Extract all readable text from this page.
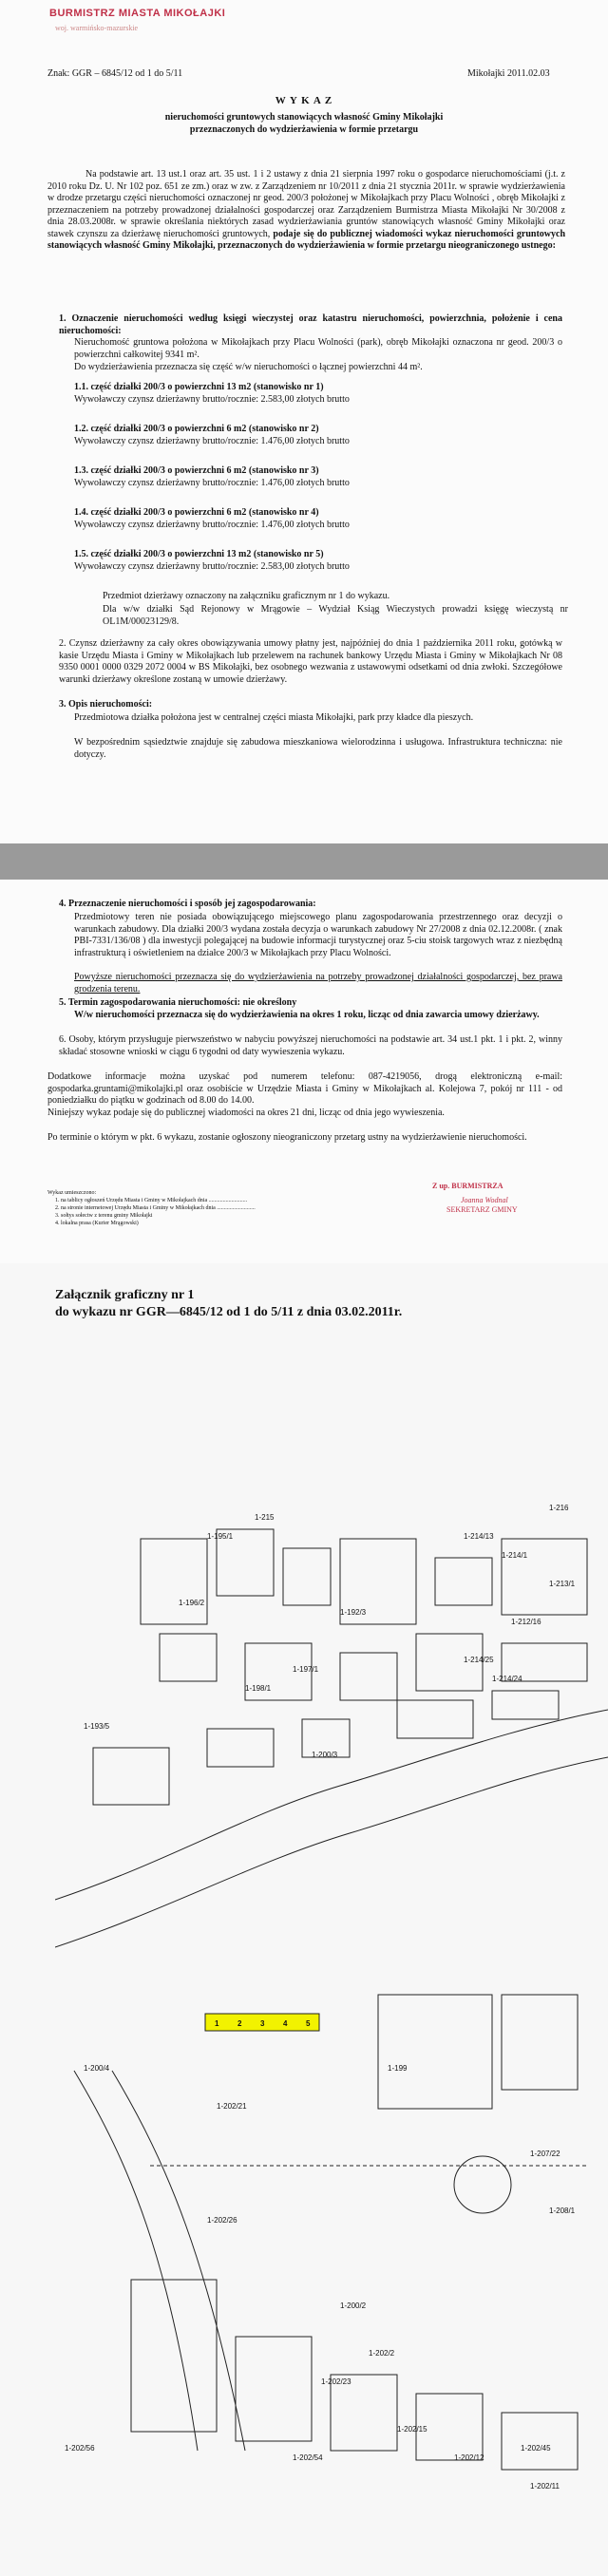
BURMISTRZ MIASTA MIKOŁAJKI
woj. warmińsko-mazurskie
Znak: GGR – 6845/12 od 1 do 5/11	Mikołajki 2011.02.03
W Y K A Z
nieruchomości gruntowych stanowiących własność Gminy Mikołajki przeznaczonych do wydzierżawienia w formie przetargu
Na podstawie art. 13 ust.1 oraz art. 35 ust. 1 i 2 ustawy z dnia 21 sierpnia 1997 roku o gospodarce nieruchomościami (j.t. z 2010 roku Dz. U. Nr 102 poz. 651 ze zm.) oraz w zw. z Zarządzeniem nr 10/2011 z dnia 21 stycznia 2011r. w sprawie wydzierżawienia w drodze przetargu części nieruchomości oznaczonej nr geod. 200/3 położonej w Mikołajkach przy Placu Wolności , obręb Mikołajki z przeznaczeniem na potrzeby prowadzonej działalności gospodarczej oraz Zarządzeniem Burmistrza Miasta Mikołajki Nr 30/2008 z dnia 28.03.2008r. w sprawie określania niektórych zasad wydzierżawiania gruntów stanowiących własność Gminy Mikołajki oraz stawek czynszu za dzierżawę nieruchomości gruntowych, podaje się do publicznej wiadomości wykaz nieruchomości gruntowych stanowiących własność Gminy Mikołajki, przeznaczonych do wydzierżawienia w formie przetargu nieograniczonego ustnego:
1. Oznaczenie nieruchomości według księgi wieczystej oraz katastru nieruchomości, powierzchnia, położenie i cena nieruchomości:
Nieruchomość gruntowa położona w Mikołajkach przy Placu Wolności (park), obręb Mikołajki oznaczona nr geod. 200/3 o powierzchni całkowitej 9341 m².
Do wydzierżawienia przeznacza się część w/w nieruchomości o łącznej powierzchni 44 m².
1.1. część działki 200/3 o powierzchni 13 m2 (stanowisko nr 1)
Wywoławczy czynsz dzierżawny brutto/rocznie: 2.583,00 złotych brutto
1.2. część działki 200/3 o powierzchni 6 m2 (stanowisko nr 2)
Wywoławczy czynsz dzierżawny brutto/rocznie: 1.476,00 złotych brutto
1.3. część działki 200/3 o powierzchni 6 m2 (stanowisko nr 3)
Wywoławczy czynsz dzierżawny brutto/rocznie: 1.476,00 złotych brutto
1.4. część działki 200/3 o powierzchni 6 m2 (stanowisko nr 4)
Wywoławczy czynsz dzierżawny brutto/rocznie: 1.476,00 złotych brutto
1.5. część działki 200/3 o powierzchni 13 m2 (stanowisko nr 5)
Wywoławczy czynsz dzierżawny brutto/rocznie: 2.583,00 złotych brutto
Przedmiot dzierżawy oznaczony na załączniku graficznym nr 1 do wykazu.
Dla w/w działki Sąd Rejonowy w Mrągowie – Wydział Ksiąg Wieczystych prowadzi księgę wieczystą nr OL1M/00023129/8.
2. Czynsz dzierżawny za cały okres obowiązywania umowy płatny jest, najpóźniej do dnia 1 października 2011 roku, gotówką w kasie Urzędu Miasta i Gminy w Mikołajkach lub przelewem na rachunek bankowy Urzędu Miasta i Gminy w Mikołajkach Nr 08 9350 0001 0000 0329 2072 0004 w BS Mikołajki, bez osobnego wezwania z ustawowymi odsetkami od dnia zwłoki. Szczegółowe warunki dzierżawy określone zostaną w umowie dzierżawy.
3. Opis nieruchomości:
Przedmiotowa działka położona jest w centralnej części miasta Mikołajki, park przy kładce dla pieszych.
W bezpośrednim sąsiedztwie znajduje się zabudowa mieszkaniowa wielorodzinna i usługowa. Infrastruktura techniczna: nie dotyczy.
4. Przeznaczenie nieruchomości i sposób jej zagospodarowania:
Przedmiotowy teren nie posiada obowiązującego miejscowego planu zagospodarowania przestrzennego oraz decyzji o warunkach zabudowy. Dla działki 200/3 wydana została decyzja o warunkach zabudowy Nr 27/2008 z dnia 02.12.2008r. ( znak PBI-7331/136/08 ) dla inwestycji polegającej na budowie informacji turystycznej oraz 5-ciu stoisk targowych wraz z niezbędną infrastrukturą i oświetleniem na działce 200/3 w Mikołajkach przy Placu Wolności.
Powyższe nieruchomości przeznacza się do wydzierżawienia na potrzeby prowadzonej działalności gospodarczej, bez prawa grodzenia terenu.
5. Termin zagospodarowania nieruchomości: nie określony
W/w nieruchomości przeznacza się do wydzierżawienia na okres 1 roku, licząc od dnia zawarcia umowy dzierżawy.
6. Osoby, którym przysługuje pierwszeństwo w nabyciu powyższej nieruchomości na podstawie art. 34 ust.1 pkt. 1 i pkt. 2, winny składać stosowne wnioski w ciągu 6 tygodni od daty wywieszenia wykazu.
Dodatkowe informacje można uzyskać pod numerem telefonu: 087-4219056, drogą elektroniczną e-mail: gospodarka.gruntami@mikolajki.pl oraz osobiście w Urzędzie Miasta i Gminy w Mikołajkach al. Kolejowa 7, pokój nr 111 - od poniedziałku do piątku w godzinach od 8.00 do 14.00.
Niniejszy wykaz podaje się do publicznej wiadomości na okres 21 dni, licząc od dnia jego wywieszenia.
Po terminie o którym w pkt. 6 wykazu, zostanie ogłoszony nieograniczony przetarg ustny na wydzierżawienie nieruchomości.
Wykaz umieszczono:
1. na tablicy ogłoszeń Urzędu Miasta i Gminy w Mikołajkach dnia ...........................
2. na stronie internetowej Urzędu Miasta i Gminy w Mikołajkach dnia ...........................
3. sołtys sołectw z terenu gminy Mikołajki
4. lokalna prasa (Kurier Mrągowski)
Z up. BURMISTRZA
Joanna Wodnal
SEKRETARZ GMINY
Załącznik graficzny nr 1
do wykazu nr GGR—6845/12 od 1 do 5/11 z dnia 03.02.2011r.
1 2 3 4 5
1-215
1-216
1-214/13
1-214/1
1-213/1
1-212/16
1-196/2
1-195/1
1-192/3
1-214/25
1-214/24
1-197/1
1-198/1
1-193/5
1-200/3
1-199
1-202/21
1-200/4
1-202/26
1-202/56
1-202/54
1-202/23
1-202/2
1-202/15
1-202/12
1-202/45
1-202/11
1-207/22
1-208/1
1-200/2
